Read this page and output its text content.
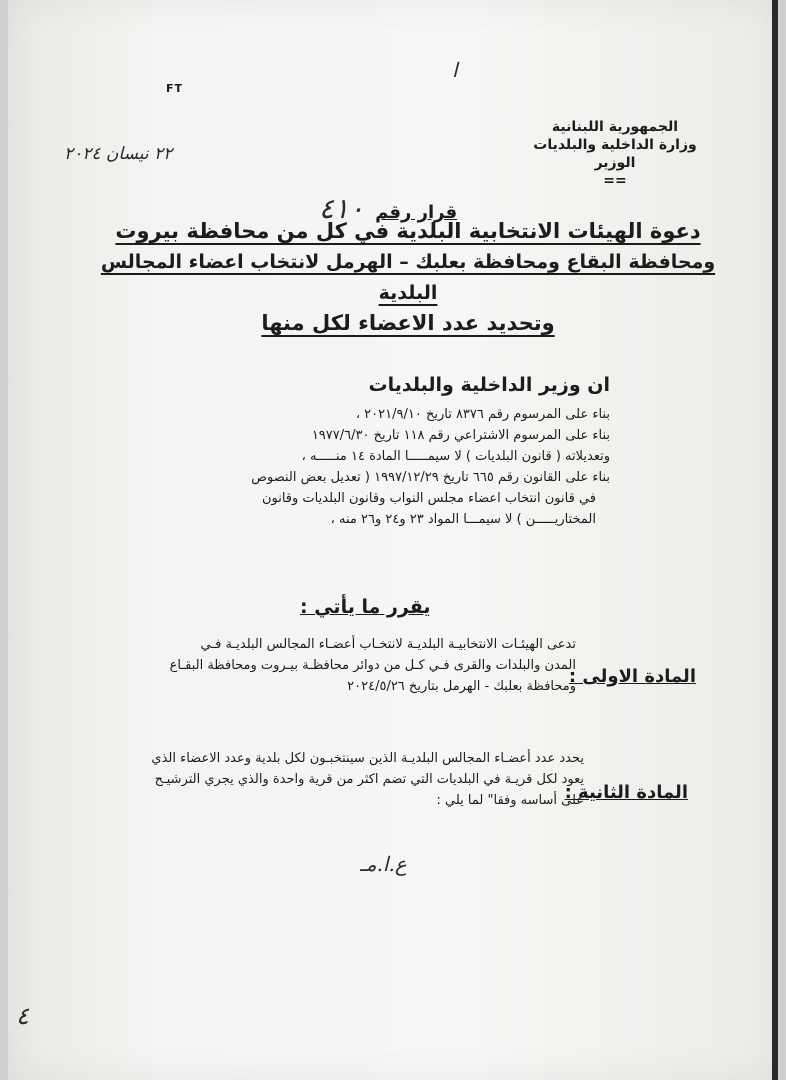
FT
ا
الجمهورية اللبنانية
وزارة الداخلية والبلديات
الوزير
==
٢٢ نيسان ٢٠٢٤
قرار رقم ٤١٠
دعوة الهيئات الانتخابية البلدية في كل من محافظة بيروت
ومحافظة البقاع ومحافظة بعلبك – الهرمل لانتخاب اعضاء المجالس البلدية
وتحديد عدد الاعضاء لكل منها
ان وزير الداخلية والبلديات
بناء على المرسوم رقم ٨٣٧٦ تاريخ ٢٠٢١/٩/١٠ ،
بناء على المرسوم الاشتراعي رقم ١١٨ تاريخ ١٩٧٧/٦/٣٠
وتعديلاته ( قانون البلديات ) لا سيمـــــا المادة ١٤ منـــــه ،
بناء على القانون رقم ٦٦٥ تاريخ ١٩٩٧/١٢/٢٩ ( تعديل بعض النصوص
في قانون انتخاب اعضاء مجلس النواب وقانون البلديات وقانون
المختاريـــــن ) لا سيمـــا المواد ٢٣ و٢٤ و٢٦ منه ،
يقرر ما يأتي :
المادة الاولى :
تدعى الهيئـات الانتخابيـة البلديـة لانتخـاب أعضـاء المجالس البلديـة فـي
المدن والبلدات والقرى فـي كـل من دوائر محافظـة بيـروت ومحافظة البقـاع
ومحافظة بعلبك - الهرمل بتاريخ ٢٠٢٤/٥/٢٦
المادة الثانية :
يحدد عدد أعضـاء المجالس البلديـة الذين سينتخبـون لكل بلدية وعدد الاعضاء الذي
يعود لكل قريـة في البلديات التي تضم اكثر من قرية واحدة والذي يجري الترشيـح
على أساسه وفقا" لما يلي :
ع.ا.مـ
٤
